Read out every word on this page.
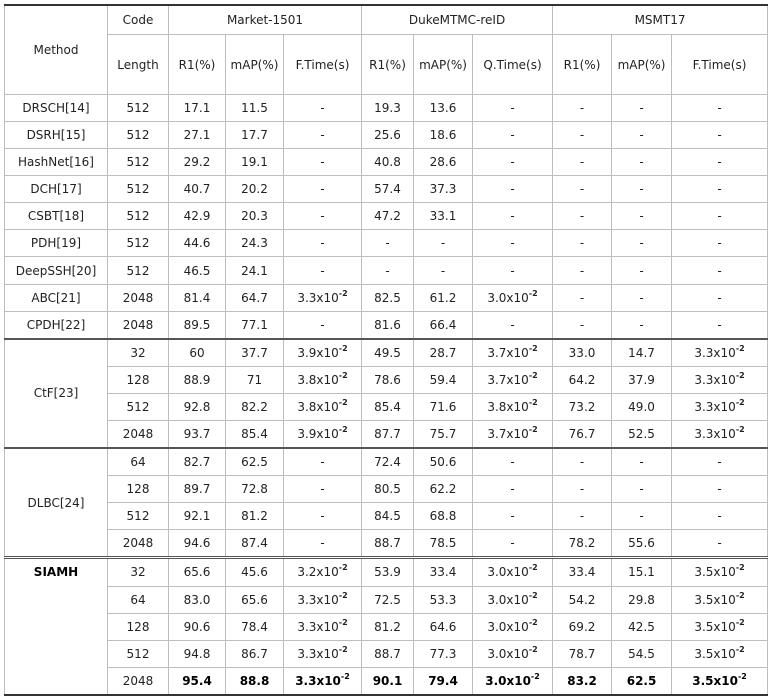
Method	Code	Market-1501			DukeMTMC-reID			MSMT17		
	Length	R1(%)	mAP(%)	F.Time(s)	R1(%)	mAP(%)	Q.Time(s)	R1(%)	mAP(%)	F.Time(s)
DRSCH[14]	512	17.1	11.5	-	19.3	13.6	-	-	-	-
DSRH[15]	512	27.1	17.7	-	25.6	18.6	-	-	-	-
HashNet[16]	512	29.2	19.1	-	40.8	28.6	-	-	-	-
DCH[17]	512	40.7	20.2	-	57.4	37.3	-	-	-	-
CSBT[18]	512	42.9	20.3	-	47.2	33.1	-	-	-	-
PDH[19]	512	44.6	24.3	-	-	-	-	-	-	-
DeepSSH[20]	512	46.5	24.1	-	-	-	-	-	-	-
ABC[21]	2048	81.4	64.7	$3.3x10^{-2}$	82.5	61.2	$3.0x10^{-2}$	-	-	-
CPDH[22]	2048	89.5	77.1	-	81.6	66.4	-	-	-	-
CtF[23]	32	60	37.7	$3.9x10^{-2}$	49.5	28.7	$3.7x10^{-2}$	33.0	14.7	$3.3x10^{-2}$
	128	88.9	71	$3.8x10^{-2}$	78.6	59.4	$3.7x10^{-2}$	64.2	37.9	$3.3x10^{-2}$
	512	92.8	82.2	$3.8x10^{-2}$	85.4	71.6	$3.8x10^{-2}$	73.2	49.0	$3.3x10^{-2}$
	2048	93.7	85.4	$3.9x10^{-2}$	87.7	75.7	$3.7x10^{-2}$	76.7	52.5	$3.3x10^{-2}$
DLBC[24]	64	82.7	62.5	-	72.4	50.6	-	-	-	-
	128	89.7	72.8	-	80.5	62.2	-	-	-	-
	512	92.1	81.2	-	84.5	68.8	-	-	-	-
	2048	94.6	87.4	-	88.7	78.5	-	78.2	55.6	-
SIAMH	32	65.6	45.6	$3.2x10^{-2}$	53.9	33.4	$3.0x10^{-2}$	33.4	15.1	$3.5x10^{-2}$
	64	83.0	65.6	$3.3x10^{-2}$	72.5	53.3	$3.0x10^{-2}$	54.2	29.8	$3.5x10^{-2}$
	128	90.6	78.4	$3.3x10^{-2}$	81.2	64.6	$3.0x10^{-2}$	69.2	42.5	$3.5x10^{-2}$
	512	94.8	86.7	$3.3x10^{-2}$	88.7	77.3	$3.0x10^{-2}$	78.7	54.5	$3.5x10^{-2}$
	2048	95.4	88.8	$3.3x10^{-2}$	90.1	79.4	$3.0x10^{-2}$	83.2	62.5	$3.5x10^{-2}$
